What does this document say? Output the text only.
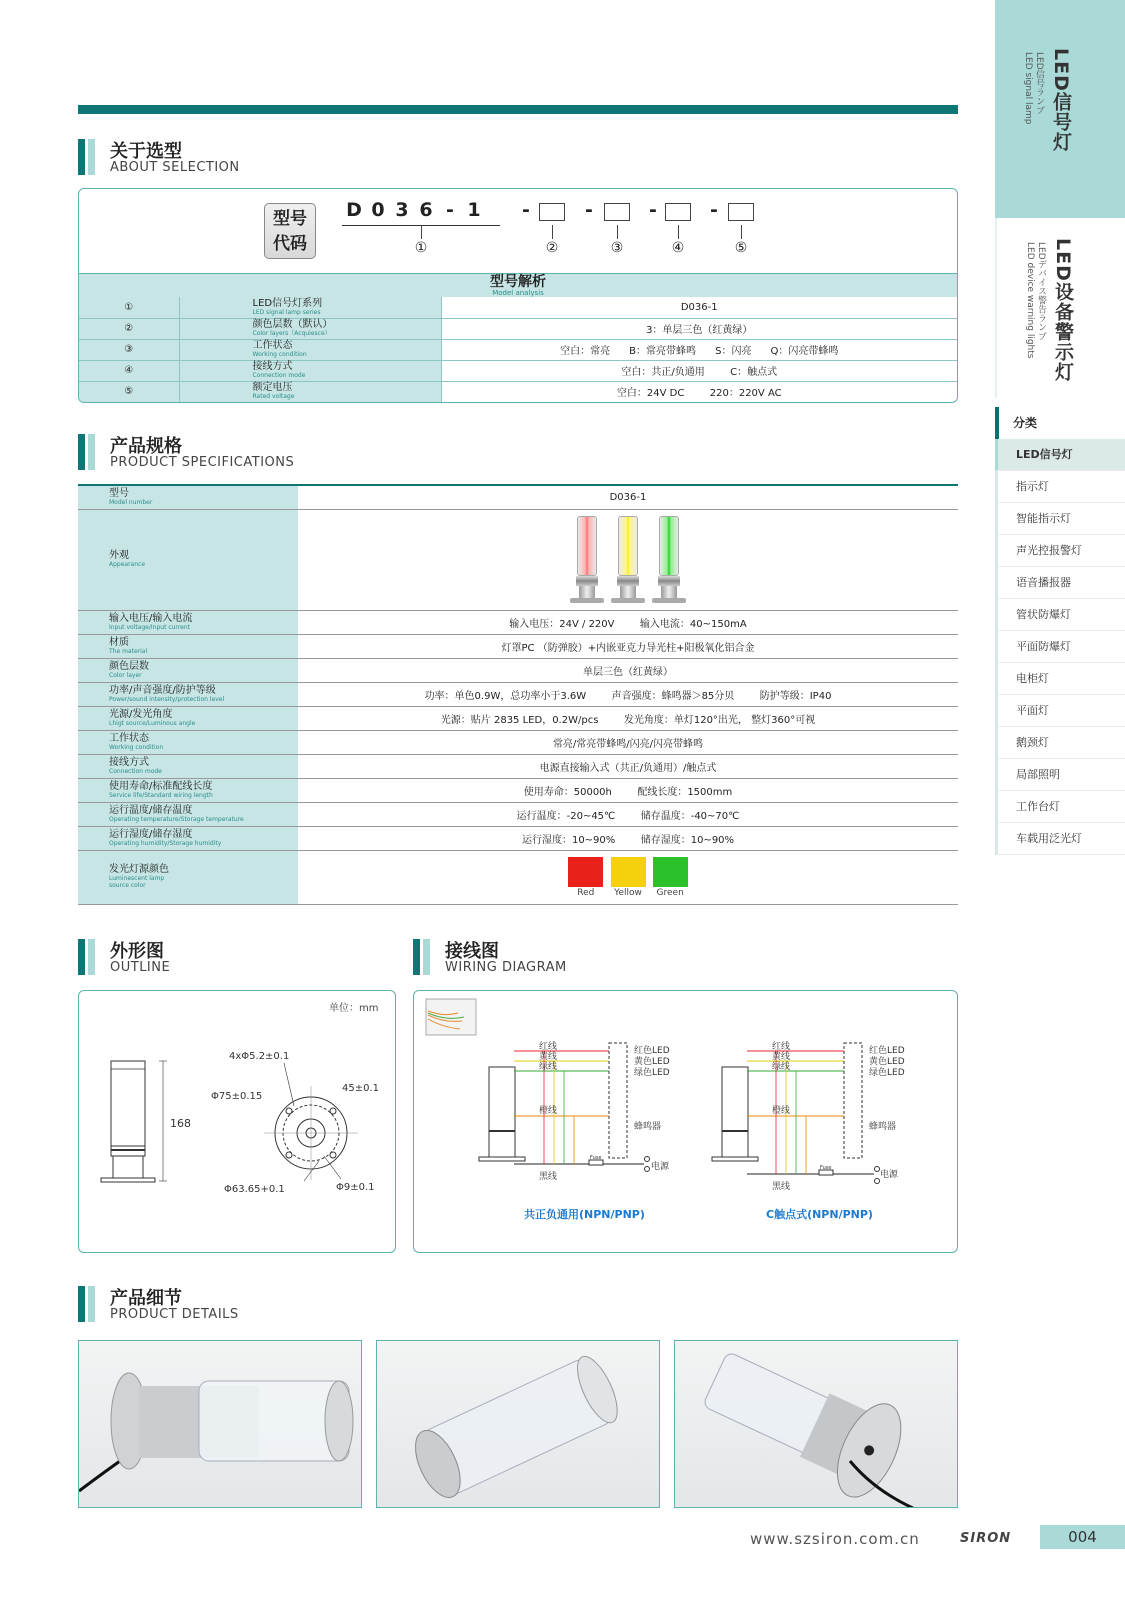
LED信号灯
LED信号ランプ
LED signal lamp
LED设备警示灯
LEDデバイス警告ランプ
LED device warning lights
分类
LED信号灯
指示灯
智能指示灯
声光控报警灯
语音播报器
管状防爆灯
平面防爆灯
电柜灯
平面灯
鹅颈灯
局部照明
工作台灯
车载用泛光灯
关于选型
ABOUT SELECTION
型号
代码
D 0 3 6 - 1 -	-	-	-
①	②	③	④	⑤
型号解析
Model analysis
①	LED信号灯系列
LED signal lamp series	D036-1
②	颜色层数（默认）
Color layers（Acquiesce）	3：单层三色（红黄绿）
③	工作状态
Working condition	空白：常亮      B：常亮带蜂鸣      S：闪亮      Q：闪亮带蜂鸣
④	接线方式
Connection mode	空白：共正/负通用        C：触点式
⑤	额定电压
Rated voltage	空白：24V DC        220：220V AC
产品规格
PRODUCT SPECIFICATIONS
型号
Model number	D036-1
外观
Appearance	

输入电压/输入电流
Input voltage/Input current	输入电压：24V / 220V        输入电流：40~150mA
材质
The material	灯罩PC （防弹胶）+内嵌亚克力导光柱+阳极氧化铝合金
颜色层数
Color layer	单层三色（红黄绿）
功率/声音强度/防护等级
Power/sound intensity/protection level	功率：单色0.9W，总功率小于3.6W        声音强度：蜂鸣器＞85分贝        防护等级：IP40
光源/发光角度
Lhigt source/Luminous angle	光源：贴片 2835 LED，0.2W/pcs        发光角度：单灯120°出光， 整灯360°可视
工作状态
Working condition	常亮/常亮带蜂鸣/闪亮/闪亮带蜂鸣
接线方式
Connection mode	电源直接输入式（共正/负通用）/触点式
使用寿命/标准配线长度
Service life/Standard wiring length	使用寿命：50000h        配线长度：1500mm
运行温度/储存温度
Operating temperature/Storage temperature	运行温度：-20~45℃        储存温度：-40~70℃
运行湿度/储存湿度
Operating humidity/Storage humidity	运行湿度：10~90%        储存湿度：10~90%
发光灯源颜色
Luminescent lamp
source color	Red Yellow Green
外形图
OUTLINE
单位：mm
168
4xΦ5.2±0.1
Φ75±0.15
45±0.1
Φ63.65+0.1	Φ9±0.1
接线图
WIRING DIAGRAM
红线
黄线
绿线
橙线
黑线
红色LED
黄色LED
绿色LED
蜂鸣器
Fuse
电源
共正负通用(NPN/PNP)
红线
黄线
绿线
橙线
黑线
红色LED
黄色LED
绿色LED
蜂鸣器
Fuse
电源
C触点式(NPN/PNP)
产品细节
PRODUCT DETAILS
www.szsiron.com.cn	SIRON	004
